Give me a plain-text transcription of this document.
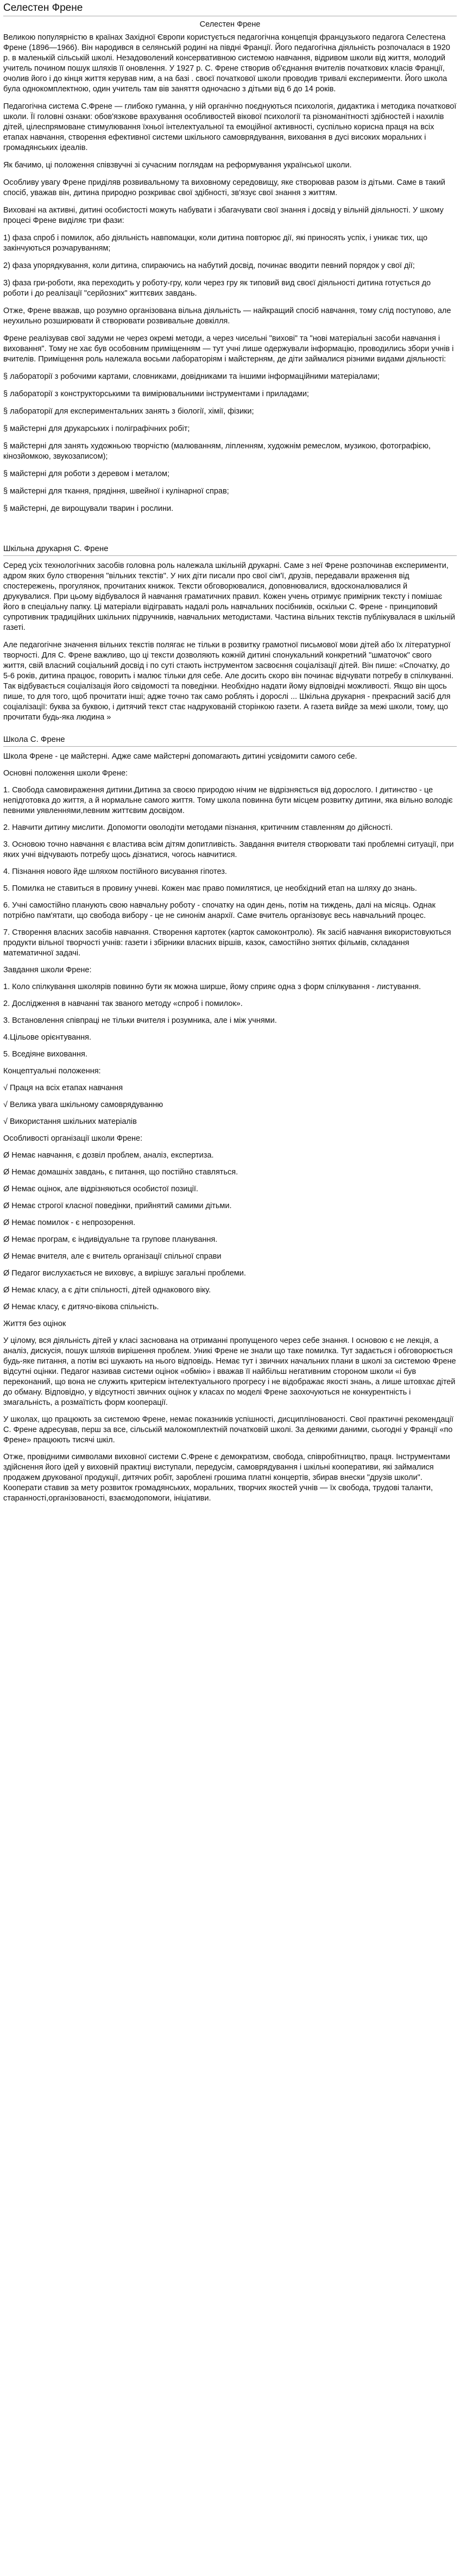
Селестен Френе
Селестен Френе

Великою популярністю в країнах Західної Європи користується педагогічна концепція французького педагога Селестена Френе (1896—1966). Він народився в селянській родині на півдні Франції. Його педагогічна діяльність розпочалася в 1920 р. в маленькій сільській школі. Незадоволений консервативною системою навчання, відривом школи від життя, молодий учитель почином пошук шляхів її оновлення. У 1927 р. С. Френе створив об'єднання вчителів початкових класів Франції, очолив його і до кінця життя керував ним, а на базі . своєї початкової школи проводив тривалі експерименти. Його школа була однокомплектною, один учитель там вів заняття одночасно з дітьми від 6 до 14 років.

Педагогічна система С.Френе — глибоко гуманна, у ній органічно поєднуються психологія, дидактика і методика початкової школи. Її головні ознаки: обов'язкове врахування особливостей вікової психології та різноманітності здібностей і нахилів дітей, цілеспрямоване стимулювання їхньої інтелектуальної та емоційної активності, суспільно корисна праця на всіх етапах навчання, створення ефективної системи шкільного самоврядування, виховання в дусі високих моральних і громадянських ідеалів.

Як бачимо, ці положення співзвучні зі сучасним поглядам на реформування української школи.

Особливу увагу Френе приділяв розвивальному та виховному середовищу, яке створював разом із дітьми. Саме в такий спосіб, уважав він, дитина природно розкриває свої здібності, зв'язує свої знання з життям.

Виховані на активні, дитині особистості можуть набувати і збагачувати свої знання і досвід у вільній діяльності. У шкому процесі Френе виділяє три фази:

1) фаза спроб і помилок, або діяльність навпомацки, коли дитина повторює дії, які приносять успіх, і уникає тих, що закінчуються розчаруванням;

2) фаза упорядкування, коли дитина, спираючись на набутий досвід, починає вводити певний порядок у свої дії;

3) фаза гри-роботи, яка переходить у роботу-гру, коли через гру як типовий вид своєї діяльності дитина готується до роботи і до реалізації "серйозних" життєвих завдань.

Отже, Френе вважав, що розумно організована вільна діяльність — найкращий спосіб навчання, тому слід поступово, але неухильно розширювати й створювати розвивальне довкілля.

Френе реалізував свої задуми не через окремі методи, а через чисельні "вихові" та "нові матеріальні засоби навчання і виховання". Тому не хає був особовним приміщенням — тут учні лише одержували інформацію, проводились збори учнів і вчителів. Приміщення роль належала восьми лабораторіям і майстерням, де діти займалися різними видами діяльності:

§ лабораторії з робочими картами, словниками, довідниками та іншими інформаційними матеріалами;

§ лабораторії з конструкторськими та вимірювальними інструментами і приладами;

§ лабораторії для експериментальних занять з біології, хімії, фізики;

§ майстерні для друкарських і поліграфічних робіт;

§ майстерні для занять художньою творчістю (малюванням, ліпленням, художнім ремеслом, музикою, фотографією, кінозйомкою, звукозаписом);

§ майстерні для роботи з деревом і металом;

§ майстерні для ткання, прядіння, швейної і кулінарної справ;

§ майстерні, де вирощували тварин і рослини.

Шкільна друкарня С. Френе

Серед усіх технологічних засобів головна роль належала шкільній друкарні. Саме з неї Френе розпочинав експерименти, адром яких було створення "вільних текстів". У них діти писали про свої сім'ї, друзів, передавали враження від спостережень, прогулянок, прочитаних книжок. Тексти обговорювалися, доповнювалися, вдосконалювалися й друкувалися. При цьому відбувалося й навчання граматичних правил. Кожен учень отримує примірник тексту і помішає його в спеціальну папку. Ці матеріали відігравать надалі роль навчальних посібників, оскільки С. Френе - принциповий супротивник традиційних шкільних підручників, навчальних методистами. Частина вільних текстів публікувалася в шкільній газеті.

Але педагогічне значення вільних текстів полягає не тільки в розвитку грамотної письмової мови дітей або їх літературної творчості. Для С. Френе важливо, що ці тексти дозволяють кожній дитині спонукальний конкретний "шматочок" свого життя, свій власний соціальний досвід і по суті стають інструментом засвоєння соціалізації дітей. Він пише: «Спочатку, до 5-6 років, дитина працює, говорить і малює тільки для себе. Але досить скоро він починає відчувати потребу в спілкуванні. Так відбувається соціалізація його свідомості та поведінки. Необхідно надати йому відповідні можливості. Якщо він щось пише, то для того, щоб прочитати інші; адже точно так само роблять і дорослі ... Шкільна друкарня - прекрасний засіб для соціалізації: буква за буквою, і дитячий текст стає надрукованій сторінкою газети. А газета вийде за межі школи, тому, що прочитати будь-яка людина »

Школа С. Френе

Школа Френе - це майстерні. Адже саме майстерні допомагають дитині усвідомити самого себе.

Основні положення школи Френе:

1. Свобода самовираження дитини.Дитина за своєю природою нічим не відрізняється від дорослого. І дитинство - це непідготовка до життя, а й нормальне самого життя. Тому школа повинна бути місцем розвитку дитини, яка вільно володіє певними уявленнями,певним життєвим досвідом.

2. Навчити дитину мислити. Допомогти оволодіти методами пізнання, критичним ставленням до дійсності.

3. Основою точно навчання є властива всім дітям допитливість. Завдання вчителя створювати такі проблемні ситуації, при яких учні відчувають потребу щось дізнатися, чогось навчитися.

4. Пізнання нового йде шляхом постійного висування гіпотез.

5. Помилка не ставиться в провину учневі. Кожен має право помилятися, це необхідний етап на шляху до знань.

6. Учні самостійно планують свою навчальну роботу - спочатку на один день, потім на тиждень, далі на місяць. Однак потрібно пам'ятати, що свобода вибору - це не синонім анархії. Саме вчитель організовує весь навчальний процес.

7. Створення власних засобів навчання. Створення картотек (карток самоконтролю). Як засіб навчання використовуються продукти вільної творчості учнів: газети і збірники власних віршів, казок, самостійно знятих фільмів, складання математичної задачі.

Завдання школи Френе:

1. Коло спілкування школярів повинно бути як можна ширше, йому сприяє одна з форм спілкування - листування.

2. Дослідження в навчанні так званого методу «спроб і помилок».

3. Встановлення співпраці не тільки вчителя і розумника, але і між учнями.

4.Цільове орієнтування.

5. Вседіяне виховання.

Концептуальні положення:

√ Праця на всіх етапах навчання

√ Велика увага шкільному самоврядуванню

√ Використання шкільних матеріалів

Особливості організації школи Френе:

Ø Немає навчання, є дозвіл проблем, аналіз, експертиза.

Ø Немає домашніх завдань, є питання, що постійно ставляться.

Ø Немає оцінок, але відрізняються особистої позиції.

Ø Немає строгої класної поведінки, прийнятий самими дітьми.

Ø Немає помилок - є непрозорення.

Ø Немає програм, є індивідуальне та групове планування.

Ø Немає вчителя, але є вчитель організації спільної справи

Ø Педагог вислухається не виховує, а вирішує загальні проблеми.

Ø Немає класу, а є діти спільності, дітей однакового віку.

Ø Немає класу, є дитячо-вікова спільність.

Життя без оцінок

У цілому, вся діяльність дітей у класі заснована на отриманні пропущеного через себе знання. І основою є не лекція, а аналіз, дискусія, пошук шляхів вирішення проблем. Уникі Френе не знали що таке помилка. Тут задається і обговорюється будь-яке питання, а потім всі шукають на нього відповідь. Немає тут і звичних начальних плани в школі за системою Френе відсутні оцінки. Педагог називав системи оцінок «обмію» і вважав її найбільш негативним стороном школи «і був переконаний, що вона не служить критерієм інтелектуального прогресу і не відображає якості знань, а лише штовхає дітей до обману. Відповідно, у відсутності звичних оцінок у класах по моделі Френе заохочуються не конкурентність і змагальність, а розмаїтість форм кооперації.

У школах, що працюють за системою Френе, немає показників успішності, дисциплінованості. Свої практичні рекомендації С. Френе адресував, перш за все, сільській малокомплектній початковій школі. За деякими даними, сьогодні у Франції «по Френе» працюють тисячі шкіл.

Отже, провідними символами виховної системи С.Френе є демократизм, свобода, співробітництво, праця. Інструментами здійснення його ідей у виховній практиці виступали, передусім, самоврядування і шкільні кооперативи, які займалися продажем друкованої продукції, дитячих робіт, зароблені грошима платні концертів, збирав внески "друзів школи". Кооперати ставив за мету розвиток громадянських, моральних, творчих якостей учнів — їх свобода, трудові таланти, старанності,організованості, взаємодопомоги, ініціативи.
